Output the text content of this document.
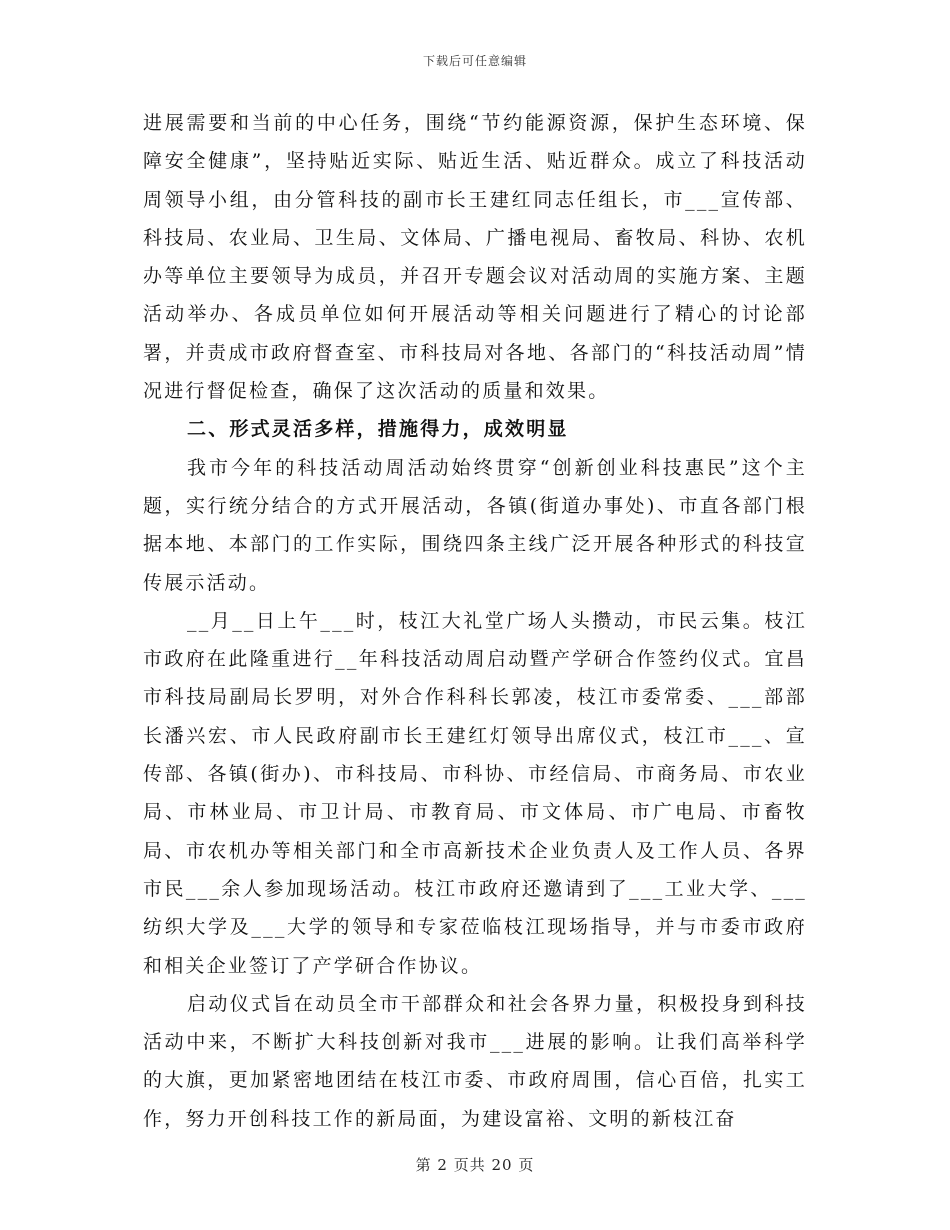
下载后可任意编辑

进展需要和当前的中心任务，围绕“节约能源资源，保护生态环境、保障安全健康”，坚持贴近实际、贴近生活、贴近群众。成立了科技活动周领导小组，由分管科技的副市长王建红同志任组长，市___宣传部、科技局、农业局、卫生局、文体局、广播电视局、畜牧局、科协、农机办等单位主要领导为成员，并召开专题会议对活动周的实施方案、主题活动举办、各成员单位如何开展活动等相关问题进行了精心的讨论部署，并责成市政府督查室、市科技局对各地、各部门的“科技活动周”情况进行督促检查，确保了这次活动的质量和效果。

二、形式灵活多样，措施得力，成效明显

我市今年的科技活动周活动始终贯穿“创新创业科技惠民”这个主题，实行统分结合的方式开展活动，各镇(街道办事处)、市直各部门根据本地、本部门的工作实际，围绕四条主线广泛开展各种形式的科技宣传展示活动。

__月__日上午___时，枝江大礼堂广场人头攒动，市民云集。枝江市政府在此隆重进行__年科技活动周启动暨产学研合作签约仪式。宜昌市科技局副局长罗明，对外合作科科长郭凌，枝江市委常委、___部部长潘兴宏、市人民政府副市长王建红灯领导出席仪式，枝江市___、宣传部、各镇(街办)、市科技局、市科协、市经信局、市商务局、市农业局、市林业局、市卫计局、市教育局、市文体局、市广电局、市畜牧局、市农机办等相关部门和全市高新技术企业负责人及工作人员、各界市民___余人参加现场活动。枝江市政府还邀请到了___工业大学、___纺织大学及___大学的领导和专家莅临枝江现场指导，并与市委市政府和相关企业签订了产学研合作协议。

启动仪式旨在动员全市干部群众和社会各界力量，积极投身到科技活动中来，不断扩大科技创新对我市___进展的影响。让我们高举科学的大旗，更加紧密地团结在枝江市委、市政府周围，信心百倍，扎实工作，努力开创科技工作的新局面，为建设富裕、文明的新枝江奋

第 2 页共 20 页
